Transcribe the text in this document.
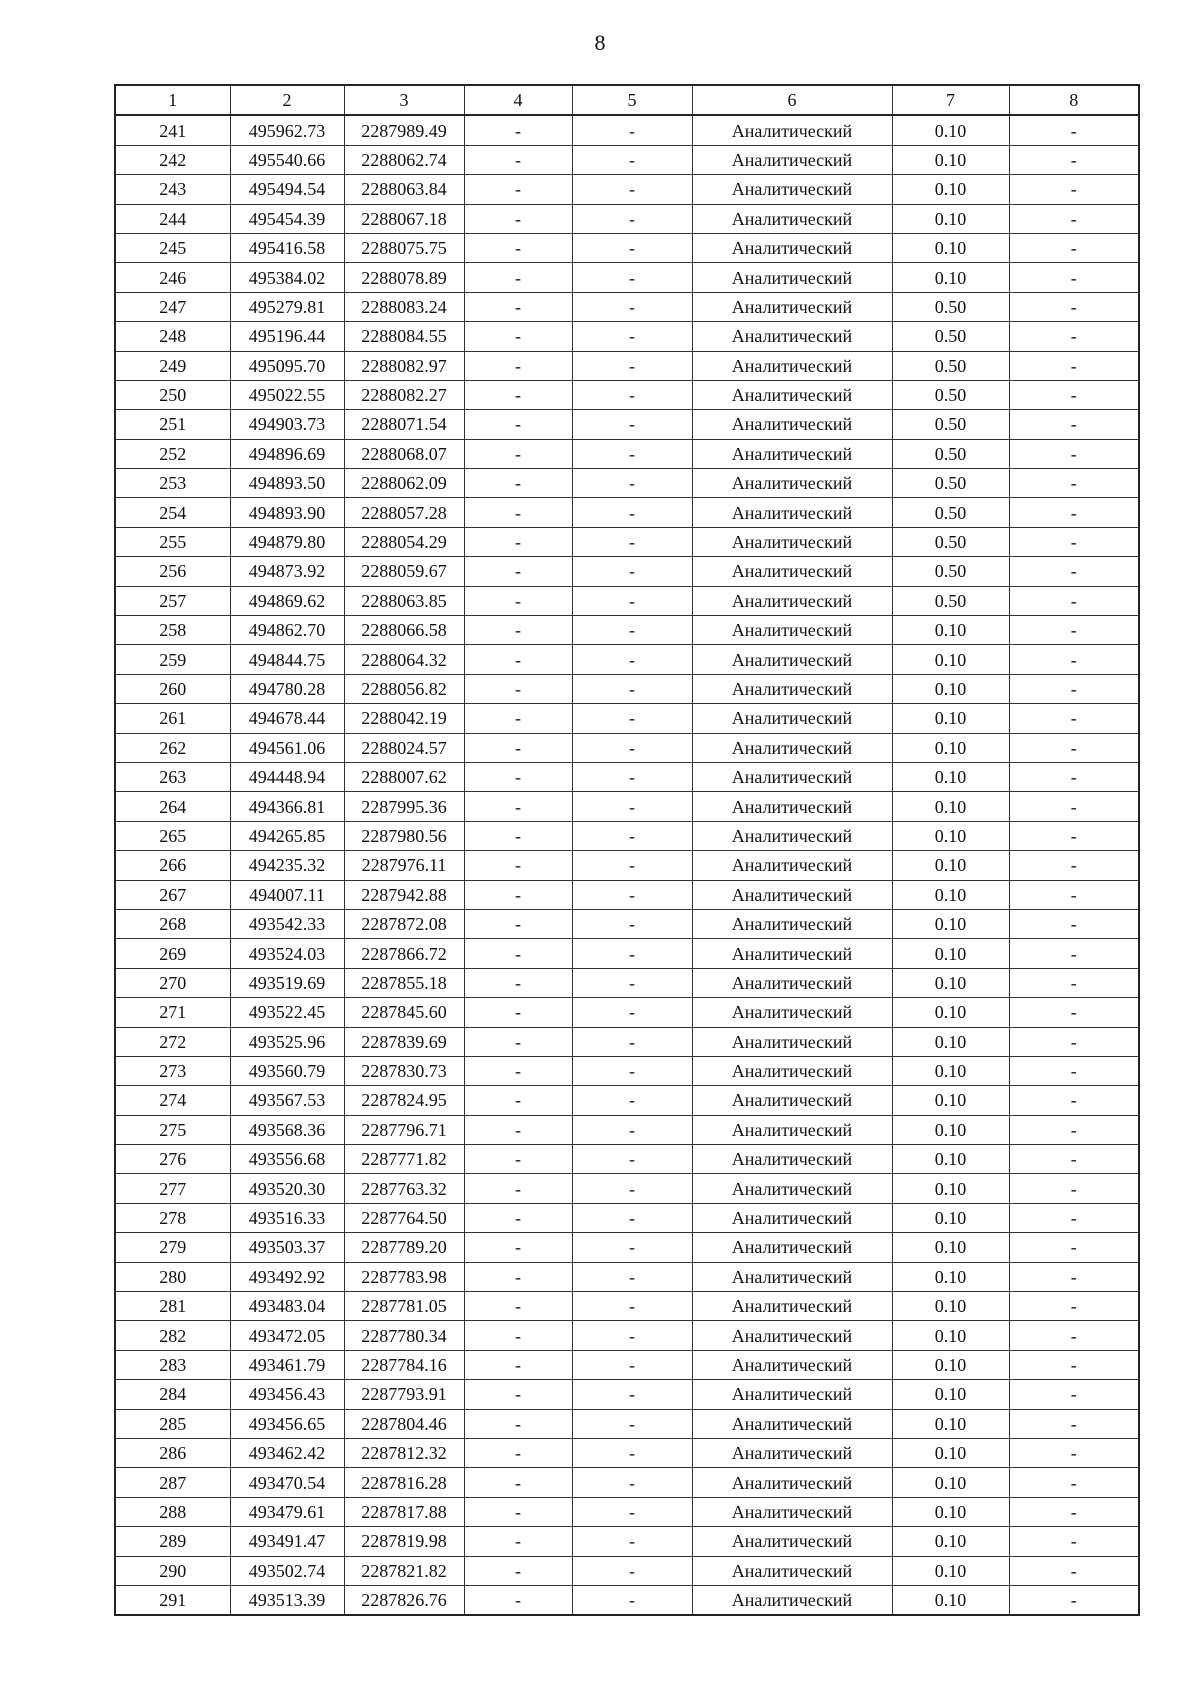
8
1	2	3	4	5	6	7	8
241	495962.73	2287989.49	-	-	Аналитический	0.10	-
242	495540.66	2288062.74	-	-	Аналитический	0.10	-
243	495494.54	2288063.84	-	-	Аналитический	0.10	-
244	495454.39	2288067.18	-	-	Аналитический	0.10	-
245	495416.58	2288075.75	-	-	Аналитический	0.10	-
246	495384.02	2288078.89	-	-	Аналитический	0.10	-
247	495279.81	2288083.24	-	-	Аналитический	0.50	-
248	495196.44	2288084.55	-	-	Аналитический	0.50	-
249	495095.70	2288082.97	-	-	Аналитический	0.50	-
250	495022.55	2288082.27	-	-	Аналитический	0.50	-
251	494903.73	2288071.54	-	-	Аналитический	0.50	-
252	494896.69	2288068.07	-	-	Аналитический	0.50	-
253	494893.50	2288062.09	-	-	Аналитический	0.50	-
254	494893.90	2288057.28	-	-	Аналитический	0.50	-
255	494879.80	2288054.29	-	-	Аналитический	0.50	-
256	494873.92	2288059.67	-	-	Аналитический	0.50	-
257	494869.62	2288063.85	-	-	Аналитический	0.50	-
258	494862.70	2288066.58	-	-	Аналитический	0.10	-
259	494844.75	2288064.32	-	-	Аналитический	0.10	-
260	494780.28	2288056.82	-	-	Аналитический	0.10	-
261	494678.44	2288042.19	-	-	Аналитический	0.10	-
262	494561.06	2288024.57	-	-	Аналитический	0.10	-
263	494448.94	2288007.62	-	-	Аналитический	0.10	-
264	494366.81	2287995.36	-	-	Аналитический	0.10	-
265	494265.85	2287980.56	-	-	Аналитический	0.10	-
266	494235.32	2287976.11	-	-	Аналитический	0.10	-
267	494007.11	2287942.88	-	-	Аналитический	0.10	-
268	493542.33	2287872.08	-	-	Аналитический	0.10	-
269	493524.03	2287866.72	-	-	Аналитический	0.10	-
270	493519.69	2287855.18	-	-	Аналитический	0.10	-
271	493522.45	2287845.60	-	-	Аналитический	0.10	-
272	493525.96	2287839.69	-	-	Аналитический	0.10	-
273	493560.79	2287830.73	-	-	Аналитический	0.10	-
274	493567.53	2287824.95	-	-	Аналитический	0.10	-
275	493568.36	2287796.71	-	-	Аналитический	0.10	-
276	493556.68	2287771.82	-	-	Аналитический	0.10	-
277	493520.30	2287763.32	-	-	Аналитический	0.10	-
278	493516.33	2287764.50	-	-	Аналитический	0.10	-
279	493503.37	2287789.20	-	-	Аналитический	0.10	-
280	493492.92	2287783.98	-	-	Аналитический	0.10	-
281	493483.04	2287781.05	-	-	Аналитический	0.10	-
282	493472.05	2287780.34	-	-	Аналитический	0.10	-
283	493461.79	2287784.16	-	-	Аналитический	0.10	-
284	493456.43	2287793.91	-	-	Аналитический	0.10	-
285	493456.65	2287804.46	-	-	Аналитический	0.10	-
286	493462.42	2287812.32	-	-	Аналитический	0.10	-
287	493470.54	2287816.28	-	-	Аналитический	0.10	-
288	493479.61	2287817.88	-	-	Аналитический	0.10	-
289	493491.47	2287819.98	-	-	Аналитический	0.10	-
290	493502.74	2287821.82	-	-	Аналитический	0.10	-
291	493513.39	2287826.76	-	-	Аналитический	0.10	-
